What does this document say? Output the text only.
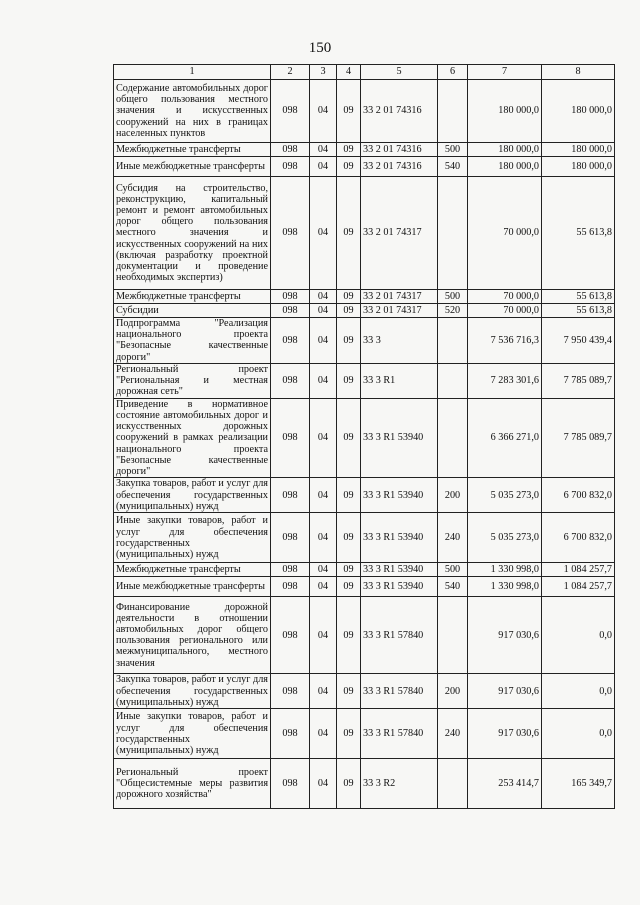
150
1	2	3	4	5	6	7	8
Содержание автомобильных дорог общего пользования местного значения и искусственных сооружений на них в границах населенных пунктов	098	04	09	33 2 01 74316		180 000,0	180 000,0
Межбюджетные трансферты	098	04	09	33 2 01 74316	500	180 000,0	180 000,0
Иные межбюджетные трансферты	098	04	09	33 2 01 74316	540	180 000,0	180 000,0
Субсидия на строительство, реконструкцию, капитальный ремонт и ремонт автомобильных дорог общего пользования местного значения и искусственных сооружений на них (включая разработку проектной документации и проведение необходимых экспертиз)	098	04	09	33 2 01 74317		70 000,0	55 613,8
Межбюджетные трансферты	098	04	09	33 2 01 74317	500	70 000,0	55 613,8
Субсидии	098	04	09	33 2 01 74317	520	70 000,0	55 613,8
Подпрограмма "Реализация национального проекта "Безопасные качественные дороги"	098	04	09	33 3		7 536 716,3	7 950 439,4
Региональный проект "Региональная и местная дорожная сеть"	098	04	09	33 3 R1		7 283 301,6	7 785 089,7
Приведение в нормативное состояние автомобильных дорог и искусственных дорожных сооружений в рамках реализации национального проекта "Безопасные качественные дороги"	098	04	09	33 3 R1 53940		6 366 271,0	7 785 089,7
Закупка товаров, работ и услуг для обеспечения государственных (муниципальных) нужд	098	04	09	33 3 R1 53940	200	5 035 273,0	6 700 832,0
Иные закупки товаров, работ и услуг для обеспечения государственных (муниципальных) нужд	098	04	09	33 3 R1 53940	240	5 035 273,0	6 700 832,0
Межбюджетные трансферты	098	04	09	33 3 R1 53940	500	1 330 998,0	1 084 257,7
Иные межбюджетные трансферты	098	04	09	33 3 R1 53940	540	1 330 998,0	1 084 257,7
Финансирование дорожной деятельности в отношении автомобильных дорог общего пользования регионального или межмуниципального, местного значения	098	04	09	33 3 R1 57840		917 030,6	0,0
Закупка товаров, работ и услуг для обеспечения государственных (муниципальных) нужд	098	04	09	33 3 R1 57840	200	917 030,6	0,0
Иные закупки товаров, работ и услуг для обеспечения государственных (муниципальных) нужд	098	04	09	33 3 R1 57840	240	917 030,6	0,0
Региональный проект "Общесистемные меры развития дорожного хозяйства"	098	04	09	33 3 R2		253 414,7	165 349,7
